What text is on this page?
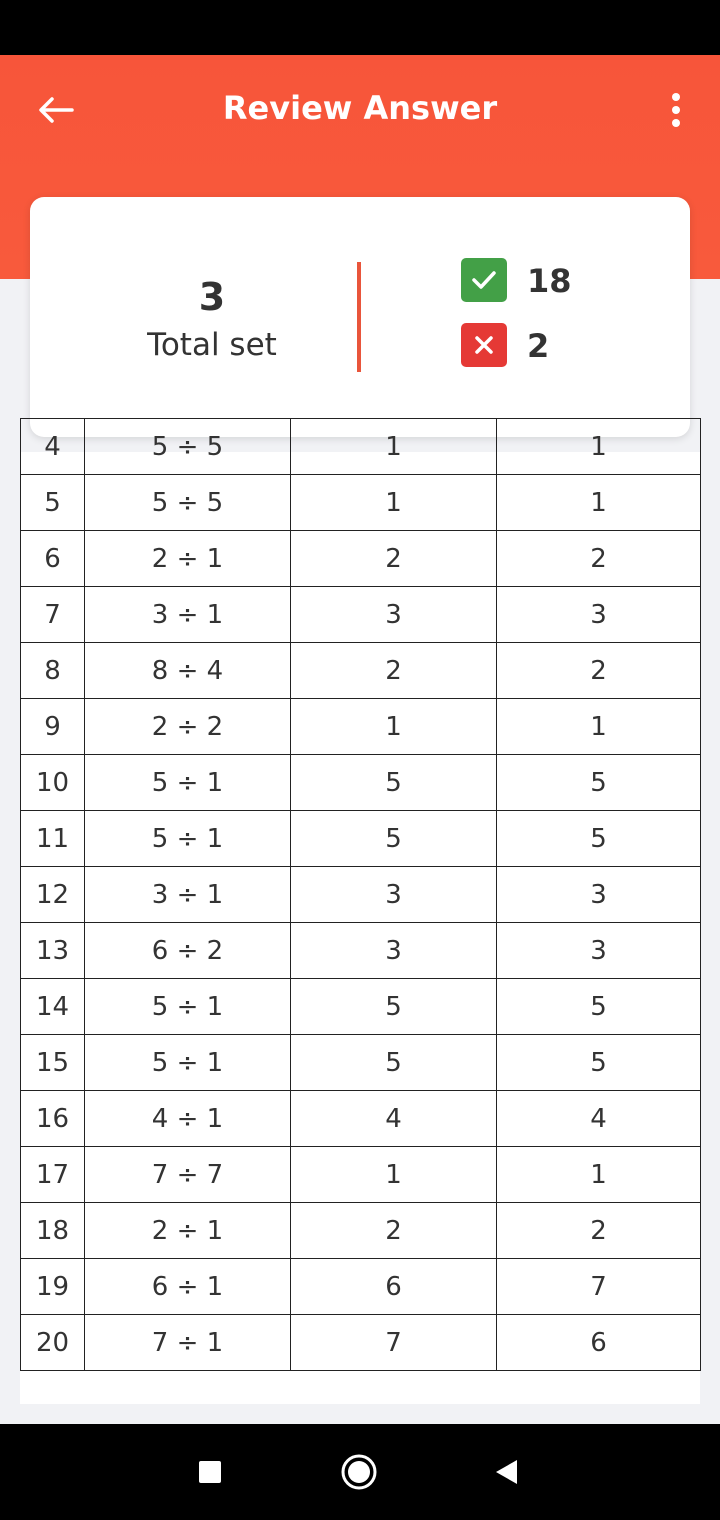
Review Answer
3
Total set
18
2
4	5 ÷ 5	1	1
5	5 ÷ 5	1	1
6	2 ÷ 1	2	2
7	3 ÷ 1	3	3
8	8 ÷ 4	2	2
9	2 ÷ 2	1	1
10	5 ÷ 1	5	5
11	5 ÷ 1	5	5
12	3 ÷ 1	3	3
13	6 ÷ 2	3	3
14	5 ÷ 1	5	5
15	5 ÷ 1	5	5
16	4 ÷ 1	4	4
17	7 ÷ 7	1	1
18	2 ÷ 1	2	2
19	6 ÷ 1	6	7
20	7 ÷ 1	7	6
